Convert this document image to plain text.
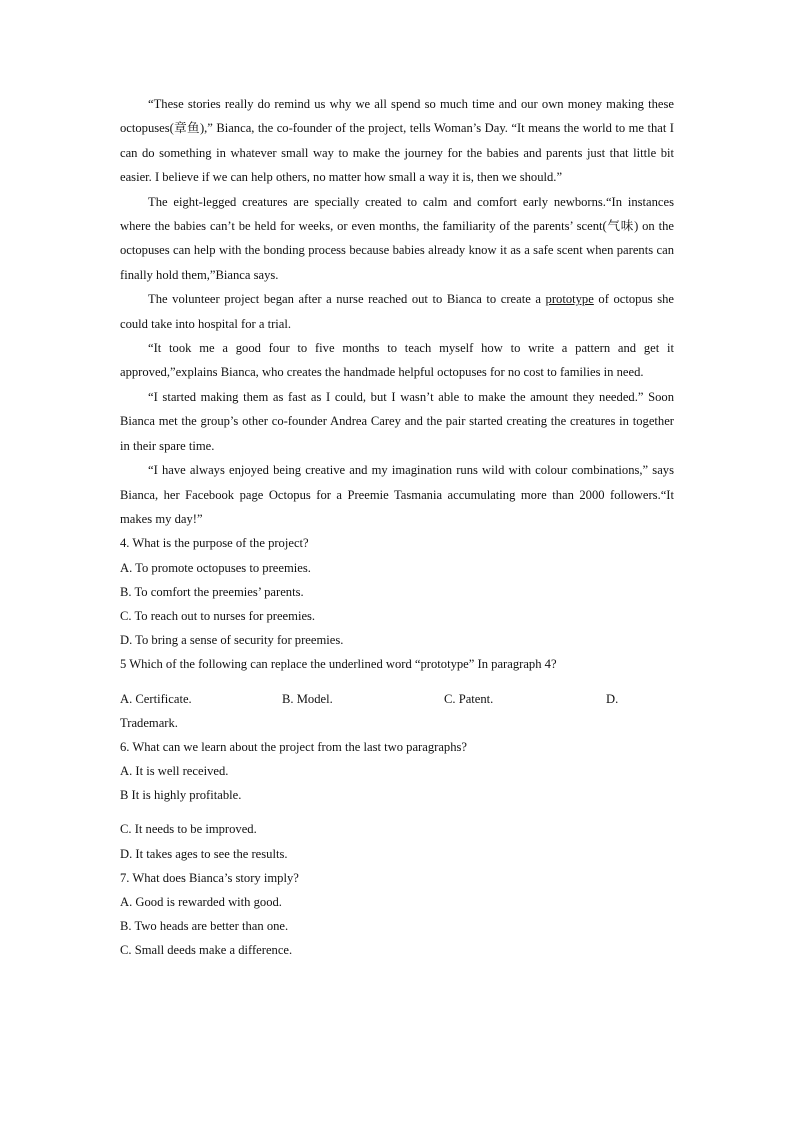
“These stories really do remind us why we all spend so much time and our own money making these octopuses(章鱼),” Bianca, the co-founder of the project, tells Woman’s Day. “It means the world to me that I can do something in whatever small way to make the journey for the babies and parents just that little bit easier. I believe if we can help others, no matter how small a way it is, then we should.”

The eight-legged creatures are specially created to calm and comfort early newborns.“In instances where the babies can’t be held for weeks, or even months, the familiarity of the parents’ scent(气味) on the octopuses can help with the bonding process because babies already know it as a safe scent when parents can finally hold them,”Bianca says.

The volunteer project began after a nurse reached out to Bianca to create a prototype of octopus she could take into hospital for a trial.

“It took me a good four to five months to teach myself how to write a pattern and get it approved,”explains Bianca, who creates the handmade helpful octopuses for no cost to families in need.

“I started making them as fast as I could, but I wasn’t able to make the amount they needed.” Soon Bianca met the group’s other co-founder Andrea Carey and the pair started creating the creatures in together in their spare time.

“I have always enjoyed being creative and my imagination runs wild with colour combinations,” says Bianca, her Facebook page Octopus for a Preemie Tasmania accumulating more than 2000 followers.“It makes my day!”

4. What is the purpose of the project?

A. To promote octopuses to preemies.

B. To comfort the preemies’ parents.

C. To reach out to nurses for preemies.

D. To bring a sense of security for preemies.

5 Which of the following can replace the underlined word “prototype” In paragraph 4?

A. Certificate.	B. Model.	C. Patent.	D.

Trademark.

6. What can we learn about the project from the last two paragraphs?

A. It is well received.

B It is highly profitable.

C. It needs to be improved.

D. It takes ages to see the results.

7. What does Bianca’s story imply?

A. Good is rewarded with good.

B. Two heads are better than one.

C. Small deeds make a difference.
